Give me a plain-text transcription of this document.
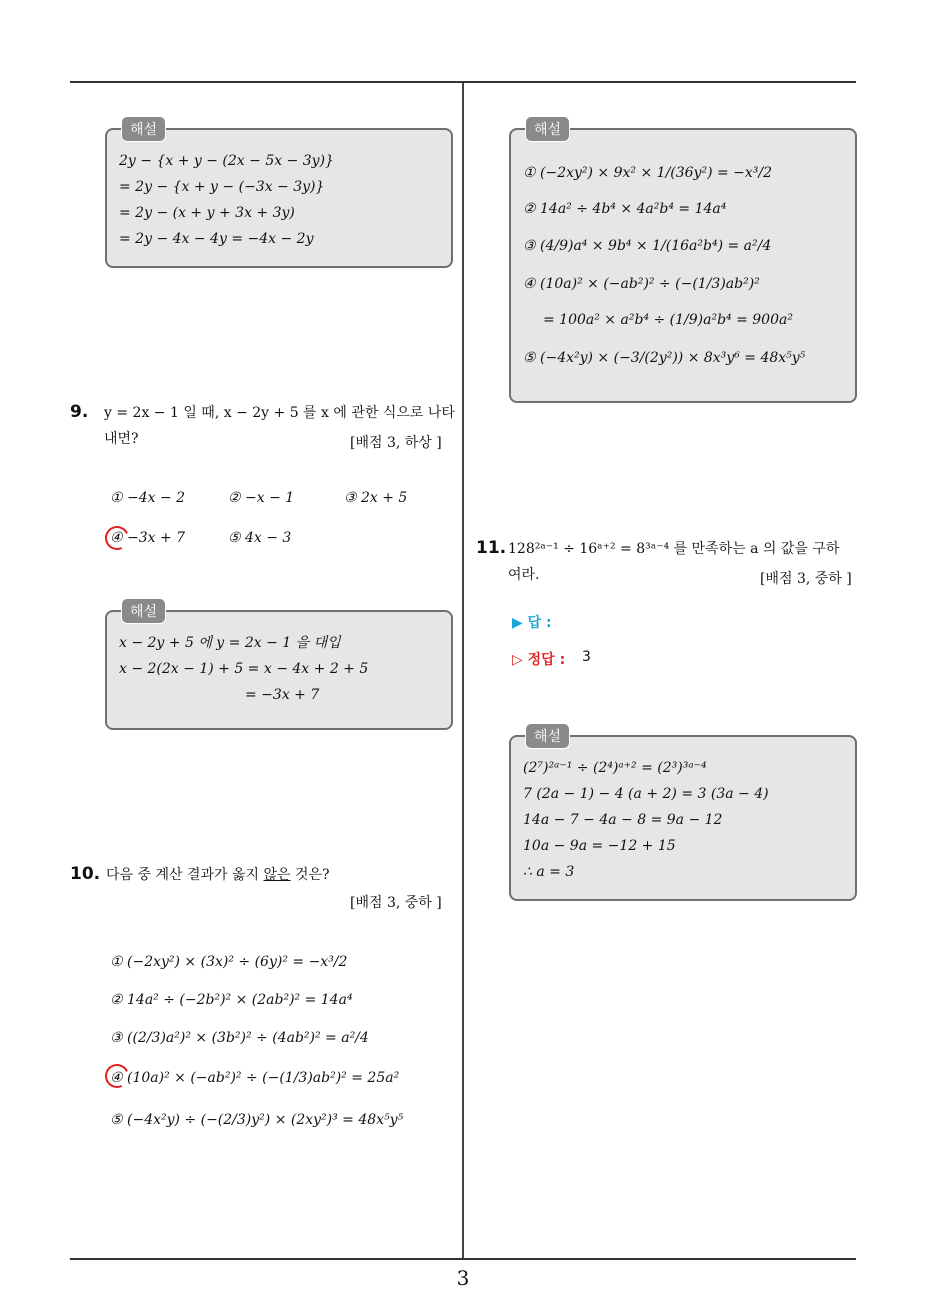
3
해설
2y − {x + y − (2x − 5x − 3y)}
= 2y − {x + y − (−3x − 3y)}
= 2y − (x + y + 3x + 3y)
= 2y − 4x − 4y = −4x − 2y
9. y = 2x − 1 일 때, x − 2y + 5 를 x 에 관한 식으로 나타
내면?	[배점 3, 하상 ]
① −4x − 2	② −x − 1	③ 2x + 5
④ −3x + 7	⑤ 4x − 3
해설
x − 2y + 5 에 y = 2x − 1 을 대입
x − 2(2x − 1) + 5 = x − 4x + 2 + 5
= −3x + 7
10. 다음 중 계산 결과가 옳지 않은 것은?
[배점 3, 중하 ]
① (−2xy²) × (3x)² ÷ (6y)² = −x³/2
② 14a² ÷ (−2b²)² × (2ab²)² = 14a⁴
③ ((2/3)a²)² × (3b²)² ÷ (4ab²)² = a²/4
④ (10a)² × (−ab²)² ÷ (−(1/3)ab²)² = 25a²
⑤ (−4x²y) ÷ (−(2/3)y²) × (2xy²)³ = 48x⁵y⁵
해설
① (−2xy²) × 9x² × 1/(36y²) = −x³/2
② 14a² ÷ 4b⁴ × 4a²b⁴ = 14a⁴
③ (4/9)a⁴ × 9b⁴ × 1/(16a²b⁴) = a²/4
④ (10a)² × (−ab²)² ÷ (−(1/3)ab²)²
= 100a² × a²b⁴ ÷ (1/9)a²b⁴ = 900a²
⑤ (−4x²y) × (−3/(2y²)) × 8x³y⁶ = 48x⁵y⁵
11. 128²ᵃ⁻¹ ÷ 16ᵃ⁺² = 8³ᵃ⁻⁴ 를 만족하는 a 의 값을 구하
여라.	[배점 3, 중하 ]
▶ 답 :
▷ 정답 : 3
해설
(2⁷)²ᵃ⁻¹ ÷ (2⁴)ᵃ⁺² = (2³)³ᵃ⁻⁴
7 (2a − 1) − 4 (a + 2) = 3 (3a − 4)
14a − 7 − 4a − 8 = 9a − 12
10a − 9a = −12 + 15
∴ a = 3
